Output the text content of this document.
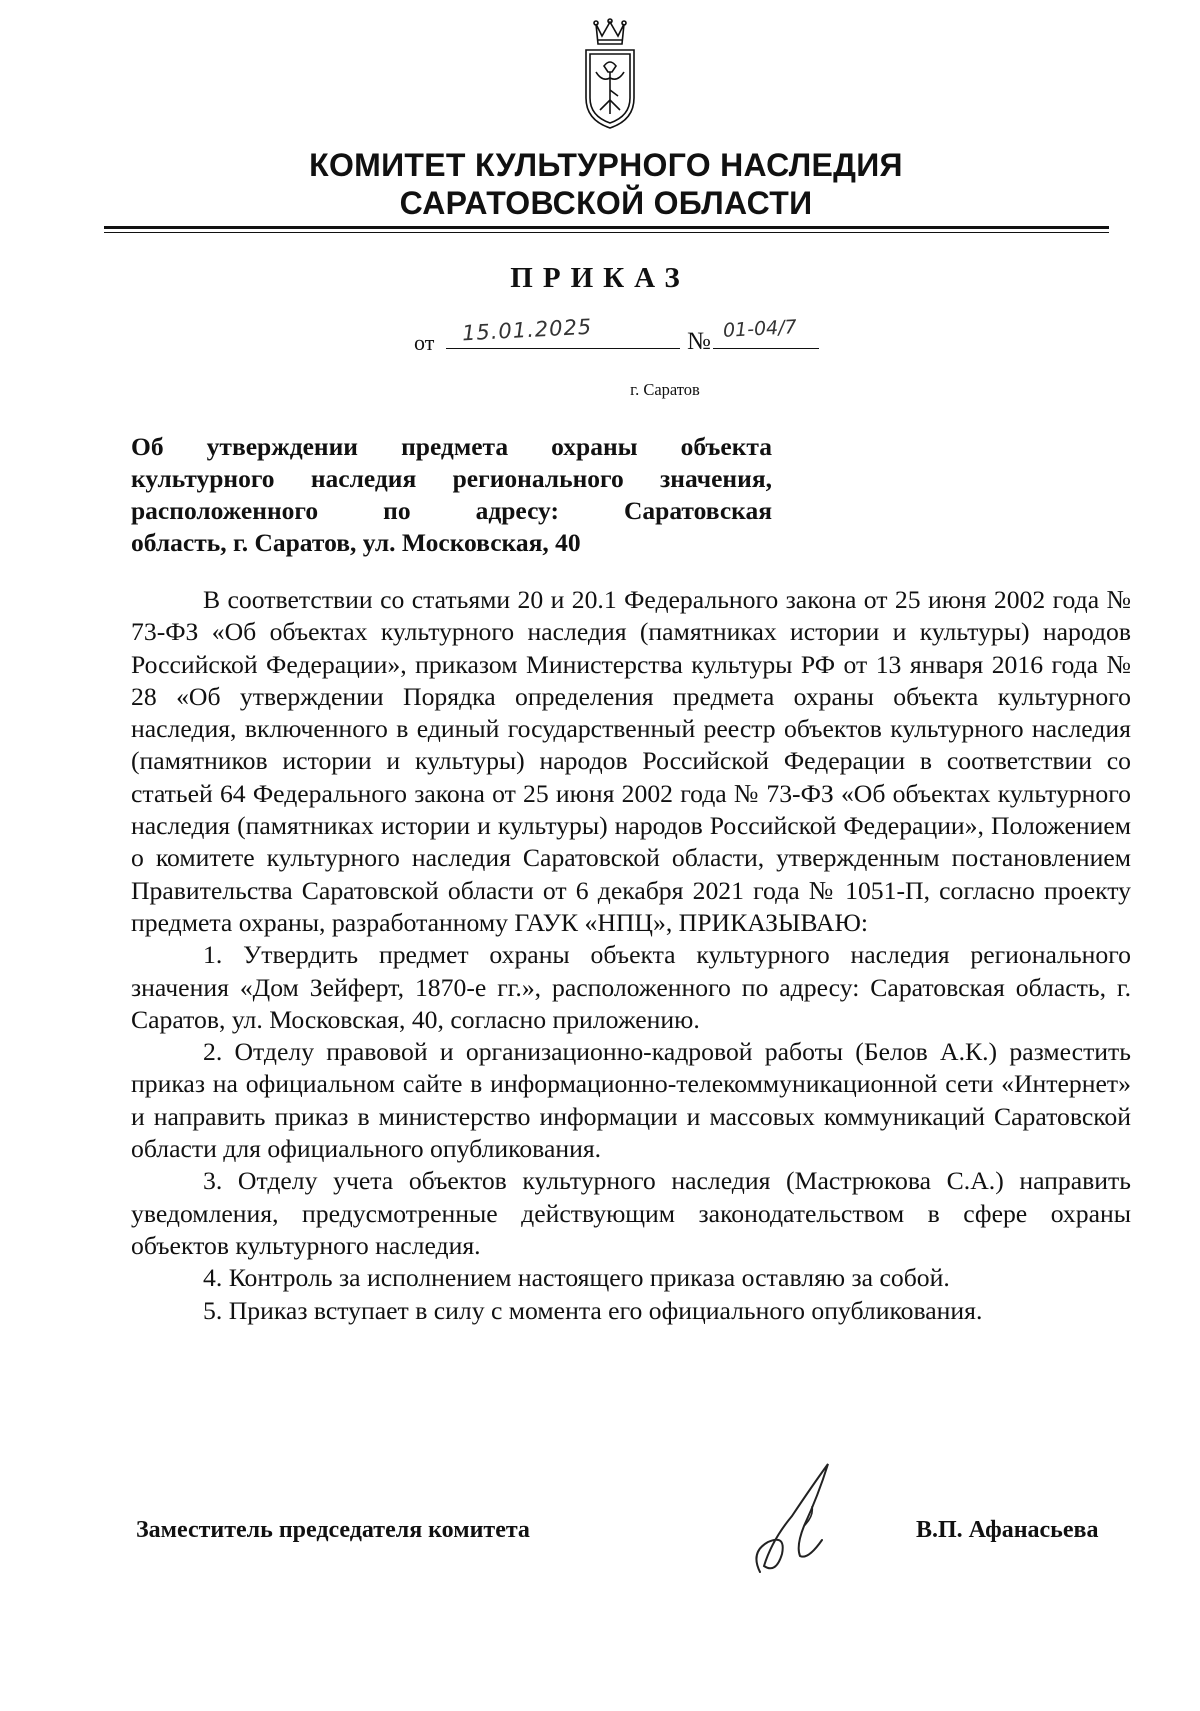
КОМИТЕТ КУЛЬТУРНОГО НАСЛЕДИЯ
САРАТОВСКОЙ ОБЛАСТИ
ПРИКАЗ
от 15.01.2025	№ 01-04/7
г. Саратов
Об утверждении предмета охраны объекта
культурного наследия регионального значения,
расположенного по адресу: Саратовская
область, г. Саратов, ул. Московская, 40

В соответствии со статьями 20 и 20.1 Федерального закона от 25 июня 2002 года № 73-ФЗ «Об объектах культурного наследия (памятниках истории и культуры) народов Российской Федерации», приказом Министерства культуры РФ от 13 января 2016 года № 28 «Об утверждении Порядка определения предмета охраны объекта культурного наследия, включенного в единый государственный реестр объектов культурного наследия (памятников истории и культуры) народов Российской Федерации в соответствии со статьей 64 Федерального закона от 25 июня 2002 года № 73-ФЗ «Об объектах культурного наследия (памятниках истории и культуры) народов Российской Федерации», Положением о комитете культурного наследия Саратовской области, утвержденным постановлением Правительства Саратовской области от 6 декабря 2021 года № 1051-П, согласно проекту предмета охраны, разработанному ГАУК «НПЦ», ПРИКАЗЫВАЮ:

1. Утвердить предмет охраны объекта культурного наследия регионального значения «Дом Зейферт, 1870-е гг.», расположенного по адресу: Саратовская область, г. Саратов, ул. Московская, 40, согласно приложению.

2. Отделу правовой и организационно-кадровой работы (Белов А.К.) разместить приказ на официальном сайте в информационно-телекоммуникационной сети «Интернет» и направить приказ в министерство информации и массовых коммуникаций Саратовской области для официального опубликования.

3. Отделу учета объектов культурного наследия (Мастрюкова С.А.) направить уведомления, предусмотренные действующим законодательством в сфере охраны объектов культурного наследия.

4. Контроль за исполнением настоящего приказа оставляю за собой.

5. Приказ вступает в силу с момента его официального опубликования.

Заместитель председателя комитета	В.П. Афанасьева
